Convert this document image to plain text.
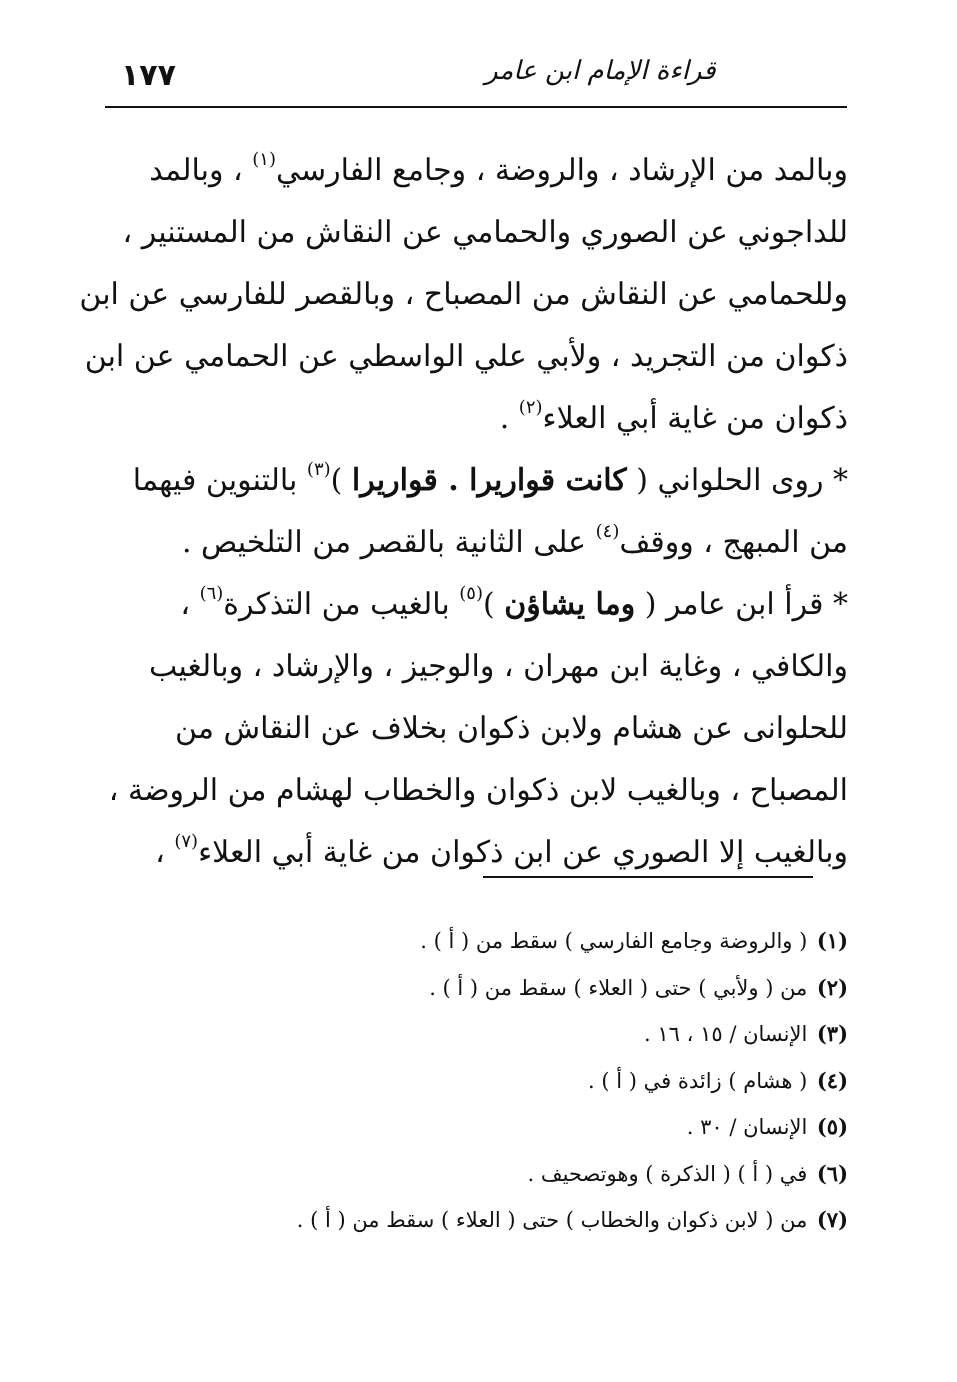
١٧٧	قراءة الإمام ابن عامر
وبالمد من الإرشاد ، والروضة ، وجامع الفارسي$^{(١)}$ ، وبالمد
للداجوني عن الصوري والحمامي عن النقاش من المستنير ،
وللحمامي عن النقاش من المصباح ، وبالقصر للفارسي عن ابن
ذكوان من التجريد ، ولأبي علي الواسطي عن الحمامي عن ابن
ذكوان من غاية أبي العلاء$^{(٢)}$ .
* روى الحلواني ( كانت قواريرا . قواريرا )$^{(٣)}$ بالتنوين فيهما
من المبهج ، ووقف$^{(٤)}$ على الثانية بالقصر من التلخيص .
* قرأ ابن عامر ( وما يشاؤن )$^{(٥)}$ بالغيب من التذكرة$^{(٦)}$ ،
والكافي ، وغاية ابن مهران ، والوجيز ، والإرشاد ، وبالغيب
للحلوانى عن هشام ولابن ذكوان بخلاف عن النقاش من
المصباح ، وبالغيب لابن ذكوان والخطاب لهشام من الروضة ،
وبالغيب إلا الصوري عن ابن ذكوان من غاية أبي العلاء$^{(٧)}$ ،
(١) ( والروضة وجامع الفارسي ) سقط من ( أ ) .
(٢) من ( ولأبي ) حتى ( العلاء ) سقط من ( أ ) .
(٣) الإنسان / ١٥ ، ١٦ .
(٤) ( هشام ) زائدة في ( أ ) .
(٥) الإنسان / ٣٠ .
(٦) في ( أ ) ( الذكرة ) وهوتصحيف .
(٧) من ( لابن ذكوان والخطاب ) حتى ( العلاء ) سقط من ( أ ) .
